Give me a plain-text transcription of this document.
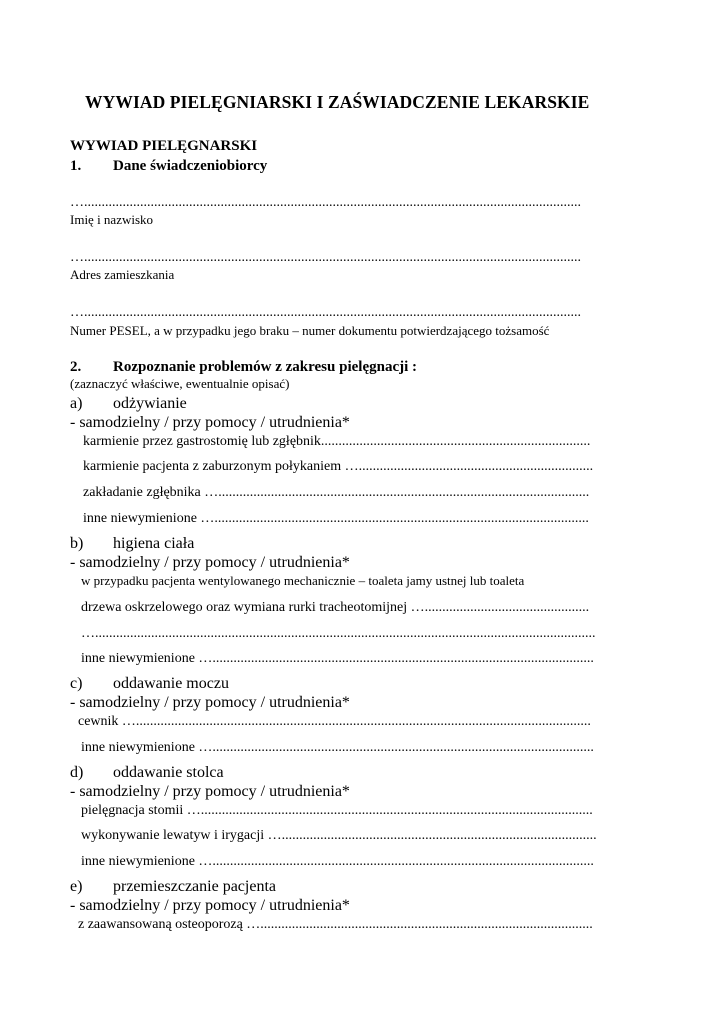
WYWIAD PIELĘGNIARSKI I ZAŚWIADCZENIE LEKARSKIE
WYWIAD PIELĘGNARSKI
1. Dane świadczeniobiorcy
…..............................................................................................................................................
Imię i nazwisko
…..............................................................................................................................................
Adres zamieszkania
…..............................................................................................................................................
Numer PESEL, a w przypadku jego braku – numer dokumentu potwierdzającego tożsamość
2. Rozpoznanie problemów z zakresu pielęgnacji :
(zaznaczyć właściwe, ewentualnie opisać)
a) odżywianie
- samodzielny / przy pomocy / utrudnienia*
karmienie przez gastrostomię lub zgłębnik.............................................................................
karmienie pacjenta z zaburzonym połykaniem …...................................................................
zakładanie zgłębnika …..........................................................................................................
inne niewymienione …...........................................................................................................
b) higiena ciała
- samodzielny / przy pomocy / utrudnienia*
w przypadku pacjenta wentylowanego mechanicznie – toaleta jamy ustnej lub toaleta
drzewa oskrzelowego oraz wymiana rurki tracheotomijnej …...............................................
…...............................................................................................................................................
inne niewymienione ….............................................................................................................
c) oddawanie moczu
- samodzielny / przy pomocy / utrudnienia*
cewnik …..................................................................................................................................
inne niewymienione ….............................................................................................................
d) oddawanie stolca
- samodzielny / przy pomocy / utrudnienia*
pielęgnacja stomii …................................................................................................................
wykonywanie lewatyw i irygacji …..........................................................................................
inne niewymienione ….............................................................................................................
e) przemieszczanie pacjenta
- samodzielny / przy pomocy / utrudnienia*
z zaawansowaną osteoporozą …...............................................................................................
